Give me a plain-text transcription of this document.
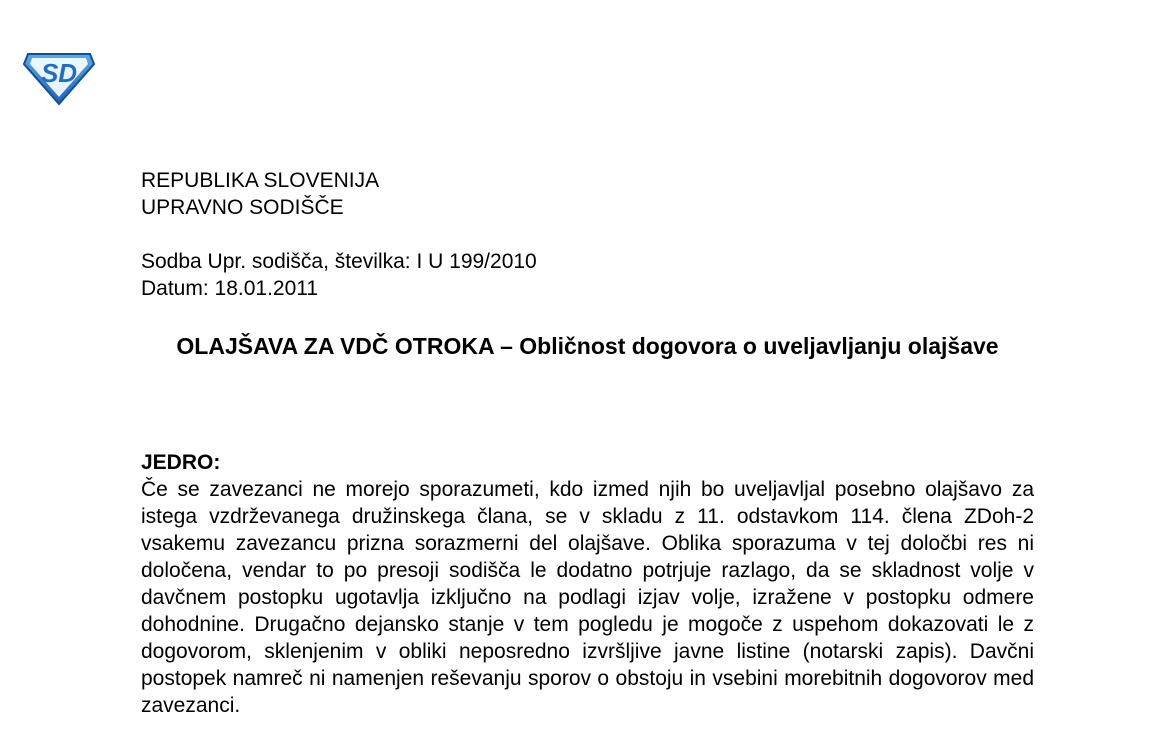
SD
REPUBLIKA SLOVENIJA
UPRAVNO SODIŠČE
Sodba Upr. sodišča, številka: I U 199/2010
Datum: 18.01.2011
OLAJŠAVA ZA VDČ OTROKA – Obličnost dogovora o uveljavljanju olajšave
JEDRO:

Če se zavezanci ne morejo sporazumeti, kdo izmed njih bo uveljavljal posebno olajšavo za istega vzdrževanega družinskega člana, se v skladu z 11. odstavkom 114. člena ZDoh-2 vsakemu zavezancu prizna sorazmerni del olajšave. Oblika sporazuma v tej določbi res ni določena, vendar to po presoji sodišča le dodatno potrjuje razlago, da se skladnost volje v davčnem postopku ugotavlja izključno na podlagi izjav volje, izražene v postopku odmere dohodnine. Drugačno dejansko stanje v tem pogledu je mogoče z uspehom dokazovati le z dogovorom, sklenjenim v obliki neposredno izvršljive javne listine (notarski zapis). Davčni postopek namreč ni namenjen reševanju sporov o obstoju in vsebini morebitnih dogovorov med zavezanci.
